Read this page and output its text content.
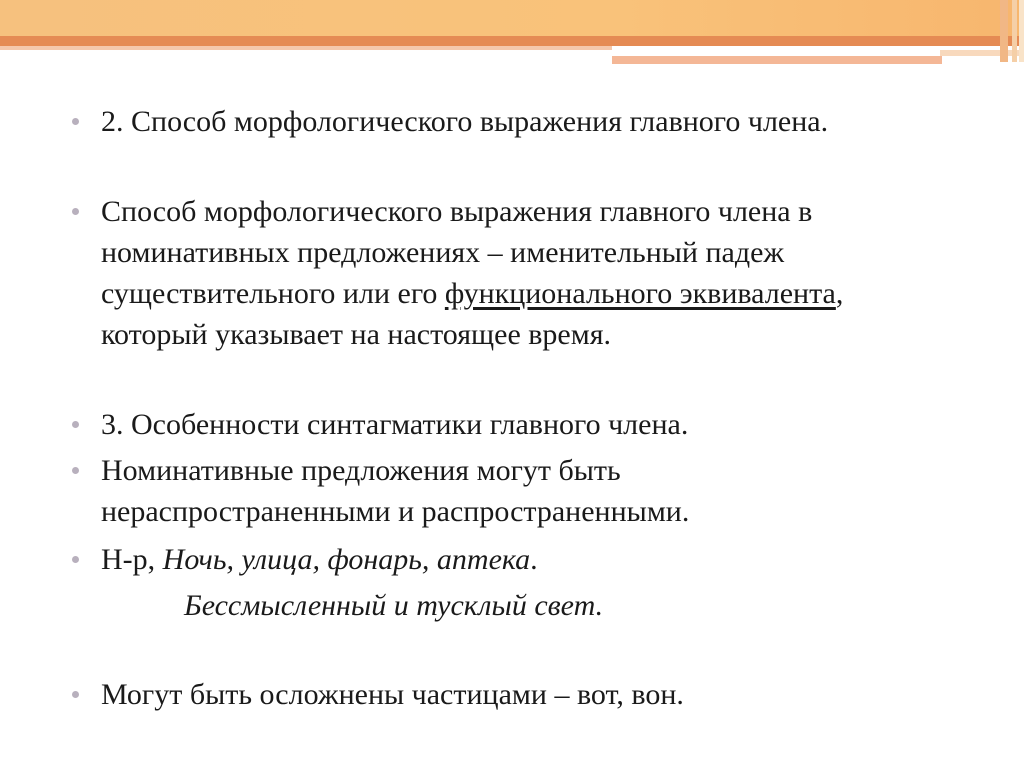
2. Способ морфологического выражения главного члена.
Способ морфологического выражения главного члена в
номинативных предложениях – именительный падеж
существительного или его функционального эквивалента,
который указывает на настоящее время.
3. Особенности синтагматики главного члена.
Номинативные предложения могут быть
нераспространенными и распространенными.
Н-р, Ночь, улица, фонарь, аптека.
Бессмысленный и тусклый свет.
Могут быть осложнены частицами – вот, вон.
